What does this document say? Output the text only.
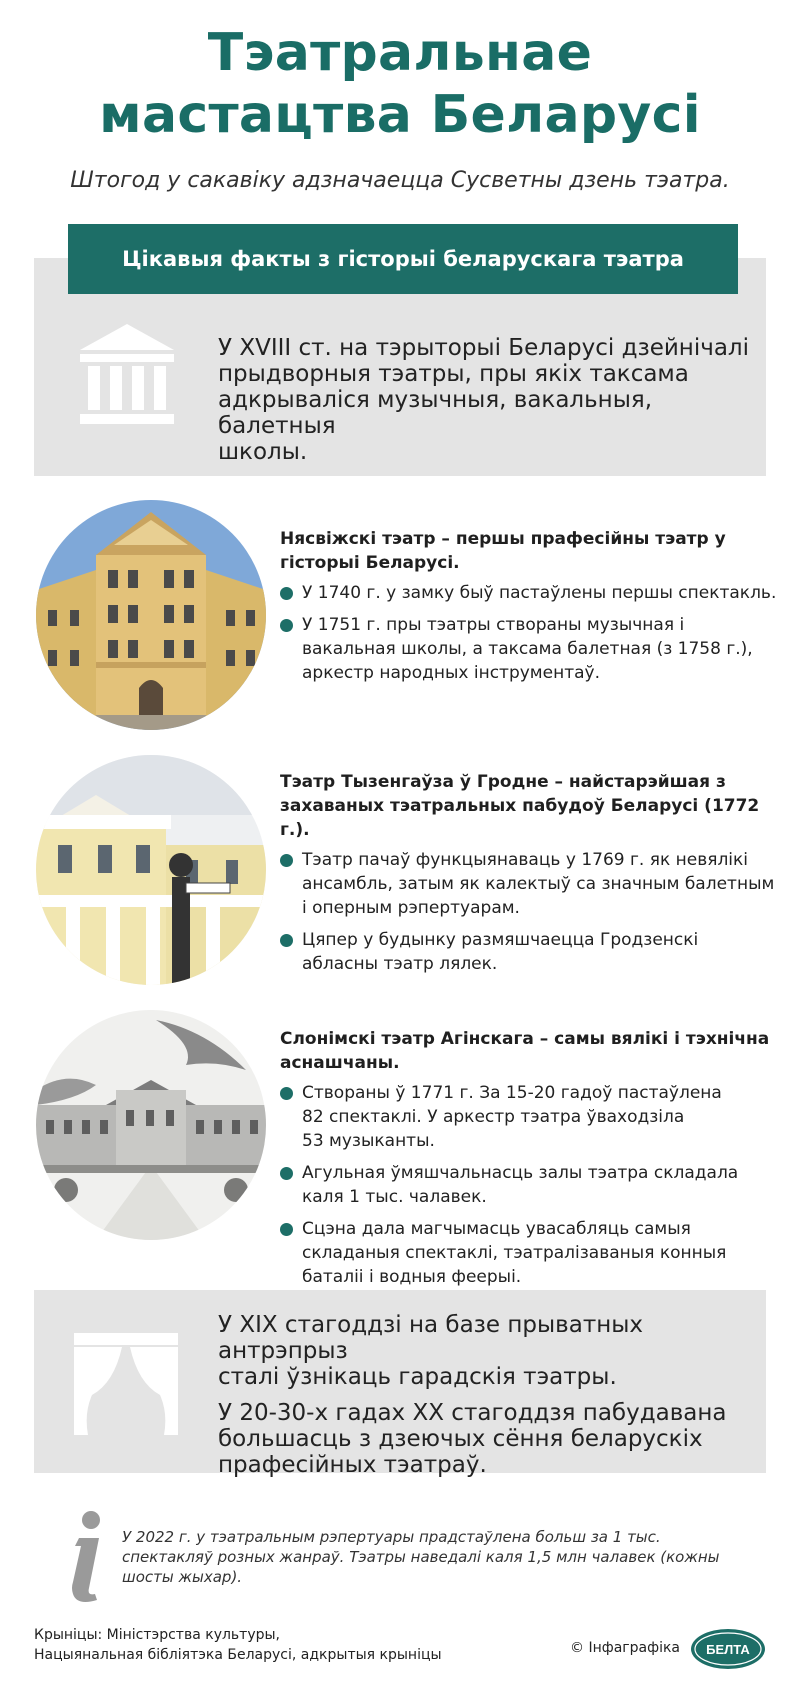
Тэатральнае
мастацтва Беларусі
Штогод у сакавіку адзначаецца Сусветны дзень тэатра.
Цікавыя факты з гісторыі беларускага тэатра
У XVIII ст. на тэрыторыі Беларусі дзейнічалі
прыдворныя тэатры, пры якіх таксама
адкрываліся музычныя, вакальныя, балетныя
школы.
Нясвіжскі тэатр – першы прафесійны тэатр у
гісторыі Беларусі.
У 1740 г. у замку быў пастаўлены першы спектакль.
У 1751 г. пры тэатры створаны музычная і
вакальная школы, а таксама балетная (з 1758 г.),
аркестр народных інструментаў.
Тэатр Тызенгаўза ў Гродне – найстарэйшая з
захаваных тэатральных пабудоў Беларусі (1772 г.).
Тэатр пачаў функцыянаваць у 1769 г. як невялікі
ансамбль, затым як калектыў са значным балетным
і оперным рэпертуарам.
Цяпер у будынку размяшчаецца Гродзенскі
абласны тэатр лялек.
Слонімскі тэатр Агінскага – самы вялікі і тэхнічна
аснашчаны.
Створаны ў 1771 г. За 15-20 гадоў пастаўлена
82 спектаклі. У аркестр тэатра ўваходзіла
53 музыканты.
Агульная ўмяшчальнасць залы тэатра складала
каля 1 тыс. чалавек.
Сцэна дала магчымасць увасабляць самыя
складаныя спектаклі, тэатралізаваныя конныя
баталіі і водныя феерыі.
У XIX стагоддзі на базе прыватных антрэпрыз
сталі ўзнікаць гарадскія тэатры.
У 20-30-х гадах XX стагоддзя пабудавана
большасць з дзеючых сёння беларускіх
прафесійных тэатраў.
У 2022 г. у тэатральным рэпертуары прадстаўлена больш за 1 тыс.
спектакляў розных жанраў. Тэатры наведалі каля 1,5 млн чалавек (кожны
шосты жыхар).
Крыніцы: Міністэрства культуры,
Нацыянальная бібліятэка Беларусі, адкрытыя крыніцы	© Інфаграфіка БЕЛТА
